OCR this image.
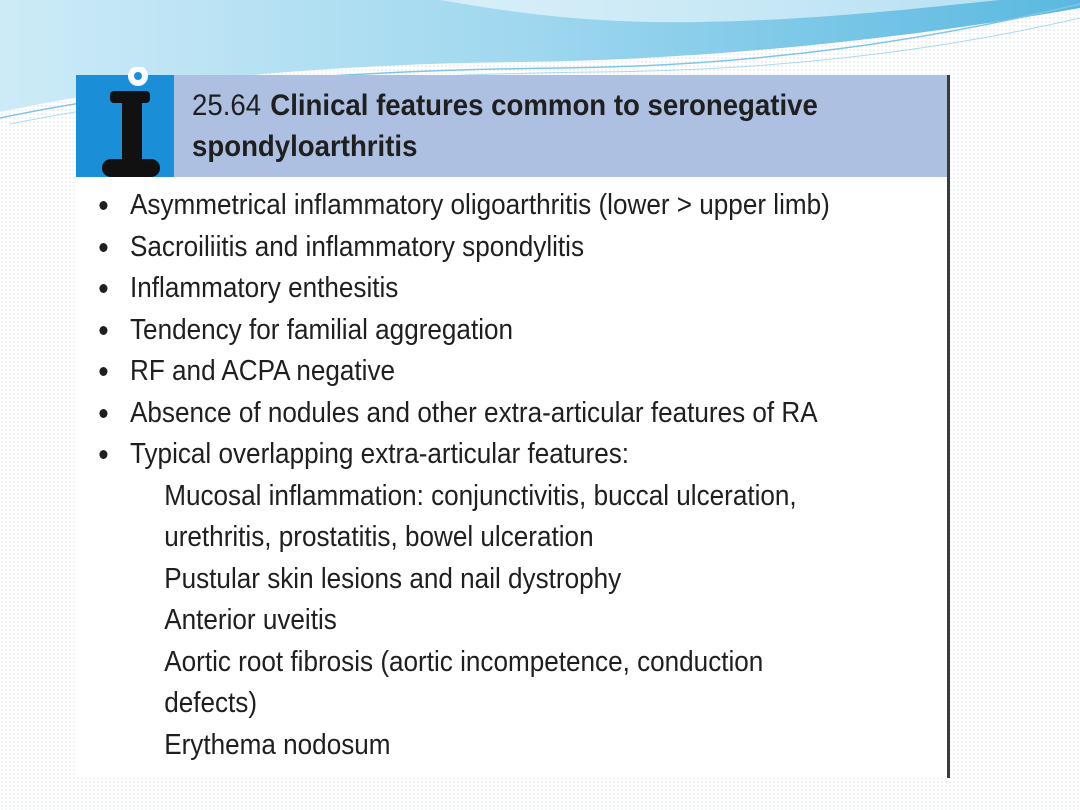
25.64 Clinical features common to seronegative
spondyloarthritis
Asymmetrical inflammatory oligoarthritis (lower > upper limb)
Sacroiliitis and inflammatory spondylitis
Inflammatory enthesitis
Tendency for familial aggregation
RF and ACPA negative
Absence of nodules and other extra-articular features of RA
Typical overlapping extra-articular features:
Mucosal inflammation: conjunctivitis, buccal ulceration,
urethritis, prostatitis, bowel ulceration
Pustular skin lesions and nail dystrophy
Anterior uveitis
Aortic root fibrosis (aortic incompetence, conduction
defects)
Erythema nodosum
